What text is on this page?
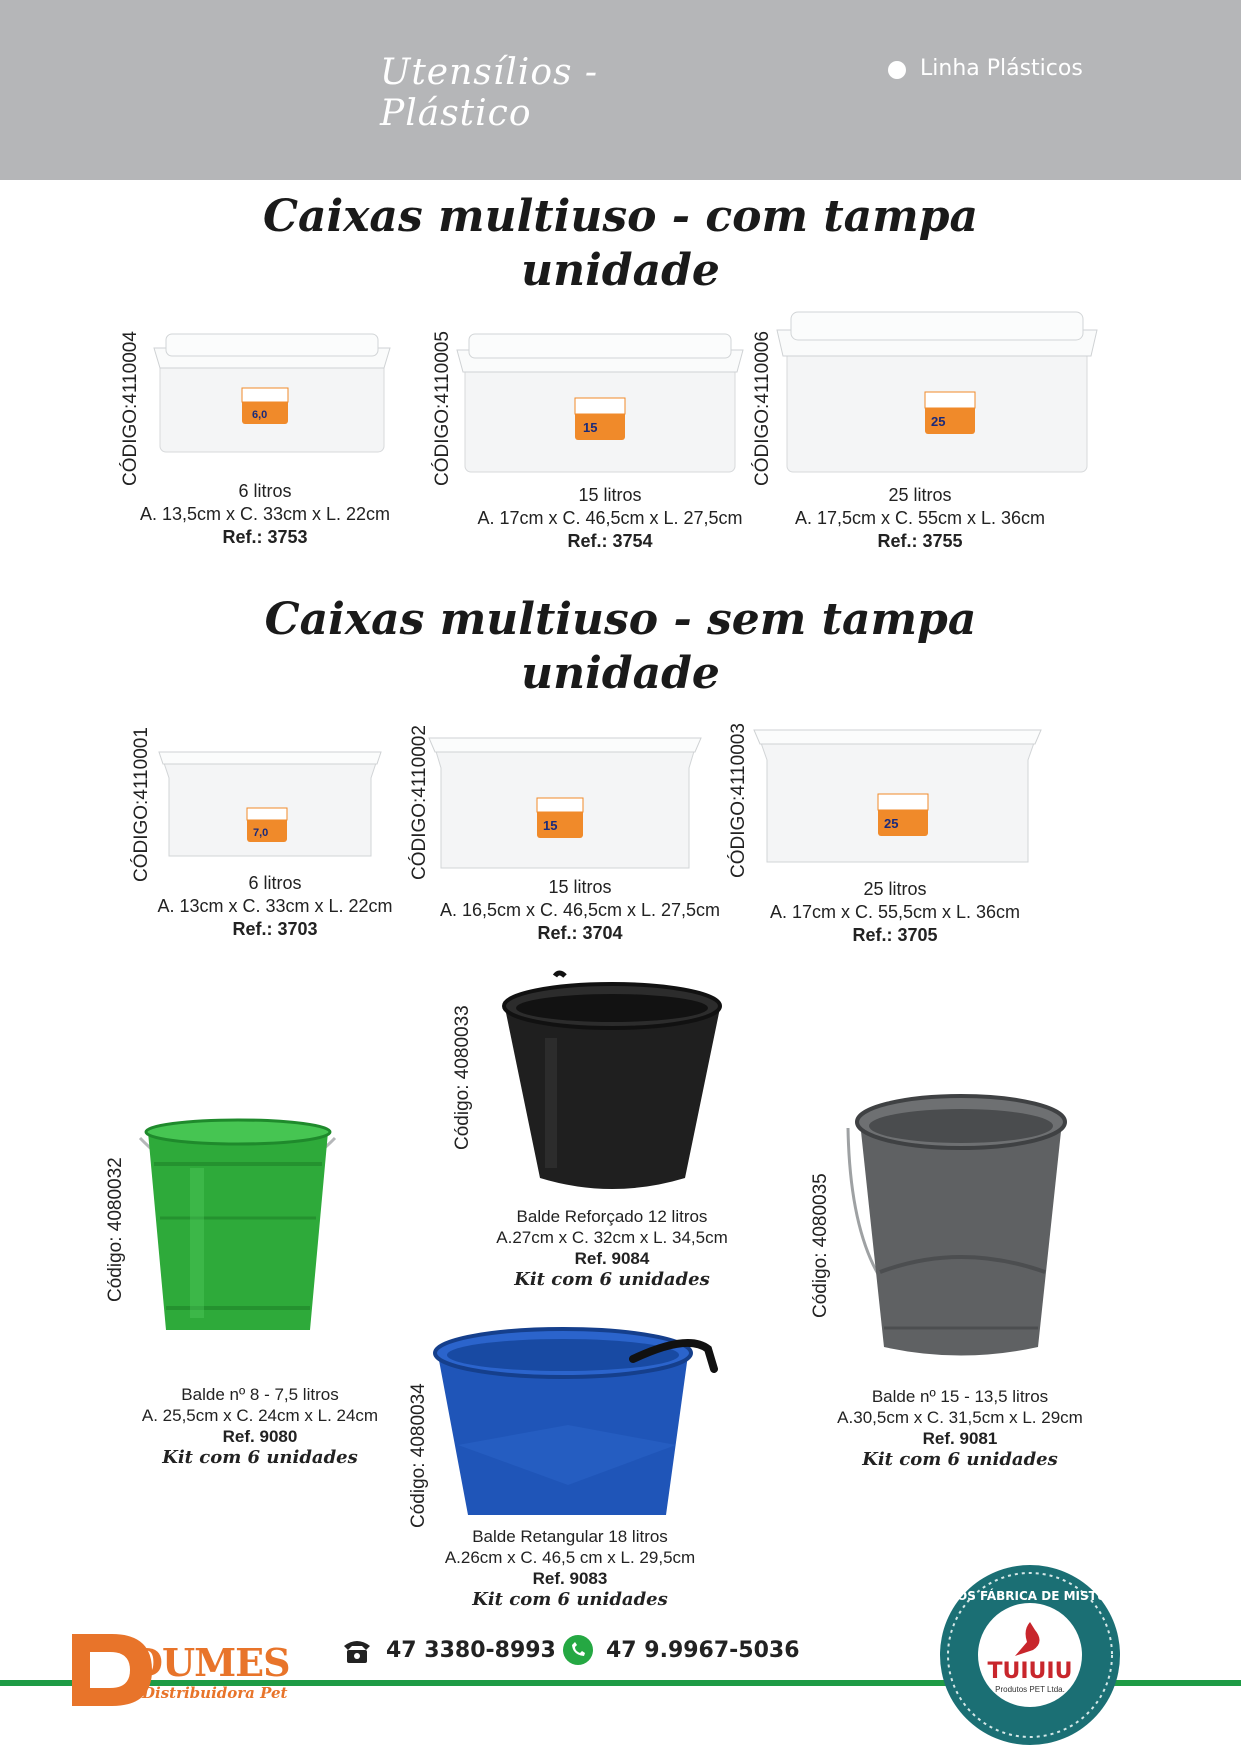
Utensílios - Plástico
Linha Plásticos
Caixas multiuso - com tampa
unidade
CÓDIGO:4110004	6,0
6 litros
A. 13,5cm x C. 33cm x L. 22cm
Ref.: 3753
CÓDIGO:4110005	15
15 litros
A. 17cm x C. 46,5cm x L. 27,5cm
Ref.: 3754
CÓDIGO:4110006	25
25 litros
A. 17,5cm x C. 55cm x L. 36cm
Ref.: 3755
Caixas multiuso - sem tampa
unidade
CÓDIGO:4110001	7,0
6 litros
A. 13cm x C. 33cm x L. 22cm
Ref.: 3703
CÓDIGO:4110002	15
15 litros
A. 16,5cm x C. 46,5cm x L. 27,5cm
Ref.: 3704
CÓDIGO:4110003	25
25 litros
A. 17cm x C. 55,5cm x L. 36cm
Ref.: 3705
Código: 4080032
Balde nº 8 - 7,5 litros
A. 25,5cm x C. 24cm x L. 24cm
Ref. 9080
Kit com 6 unidades
Código: 4080033
Balde Reforçado 12 litros
A.27cm x C. 32cm x L. 34,5cm
Ref. 9084
Kit com 6 unidades	Código: 4080035
Balde nº 15 - 13,5 litros
A.30,5cm x C. 31,5cm x L. 29cm
Ref. 9081
Kit com 6 unidades
Código: 4080034
Balde Retangular 18 litros
A.26cm x C. 46,5 cm x L. 29,5cm
Ref. 9083
Kit com 6 unidades
DUMES
Distribuidora Pet
47 3380-8993 47 9.9967-5036
TUIUIU
Produtos PET Ltda.
SOMOS FÁBRICA DE MISTURAS
